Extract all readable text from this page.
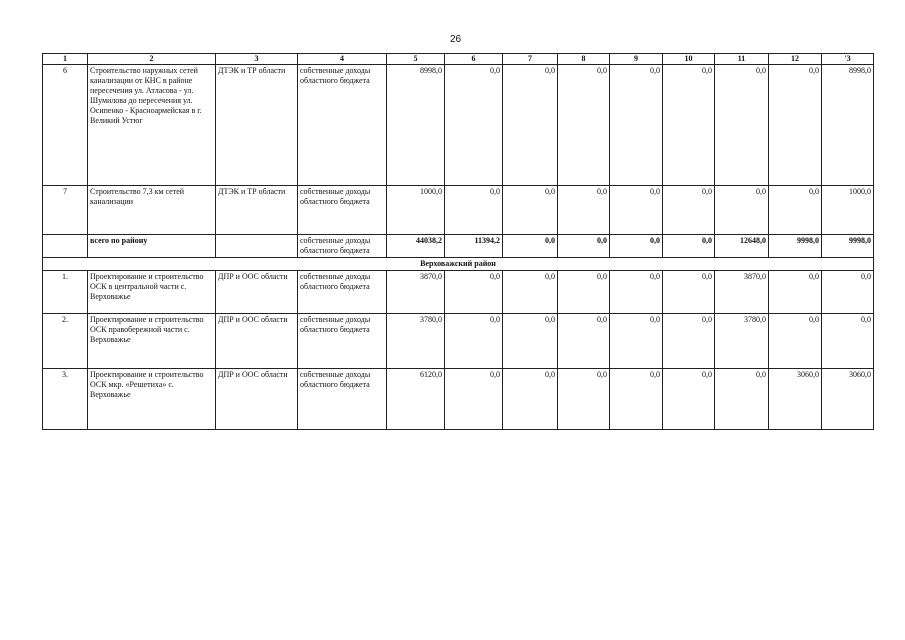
26
1	2	3	4	5	6	7	8	9	10	11	12	'3
6	Строительство наружных сетей канализации от КНС в районе пересечения ул. Атласова - ул. Шумилова до пересечения ул. Осипенко - Красноармейская в г. Великий Устюг	ДТЭК и ТР области	собственные доходы областного бюджета	8998,0	0,0	0,0	0,0	0,0	0,0	0,0	0,0	8998,0
7	Строительство 7,3 км сетей канализации	ДТЭК и ТР области	собственные доходы областного бюджета	1000,0	0,0	0,0	0,0	0,0	0,0	0,0	0,0	1000,0
	всего по району		собственные доходы областного бюджета	44038,2	11394,2	0,0	0,0	0,0	0,0	12648,0	9998,0	9998,0
Верховажский район												
1.	Проектирование и строительство ОСК в центральной части с. Верховажье	ДПР и ООС области	собственные доходы областного бюджета	3870,0	0,0	0,0	0,0	0,0	0,0	3870,0	0,0	0,0
2.	Проектирование и строительство ОСК правобережной части с. Верховажье	ДПР и ООС области	собственные доходы областного бюджета	3780,0	0,0	0,0	0,0	0,0	0,0	3780,0	0,0	0,0
3.	Проектирование и строительство ОСК мкр. «Решетиха» с. Верховажье	ДПР и ООС области	собственные доходы областного бюджета	6120,0	0,0	0,0	0,0	0,0	0,0	0,0	3060,0	3060,0
